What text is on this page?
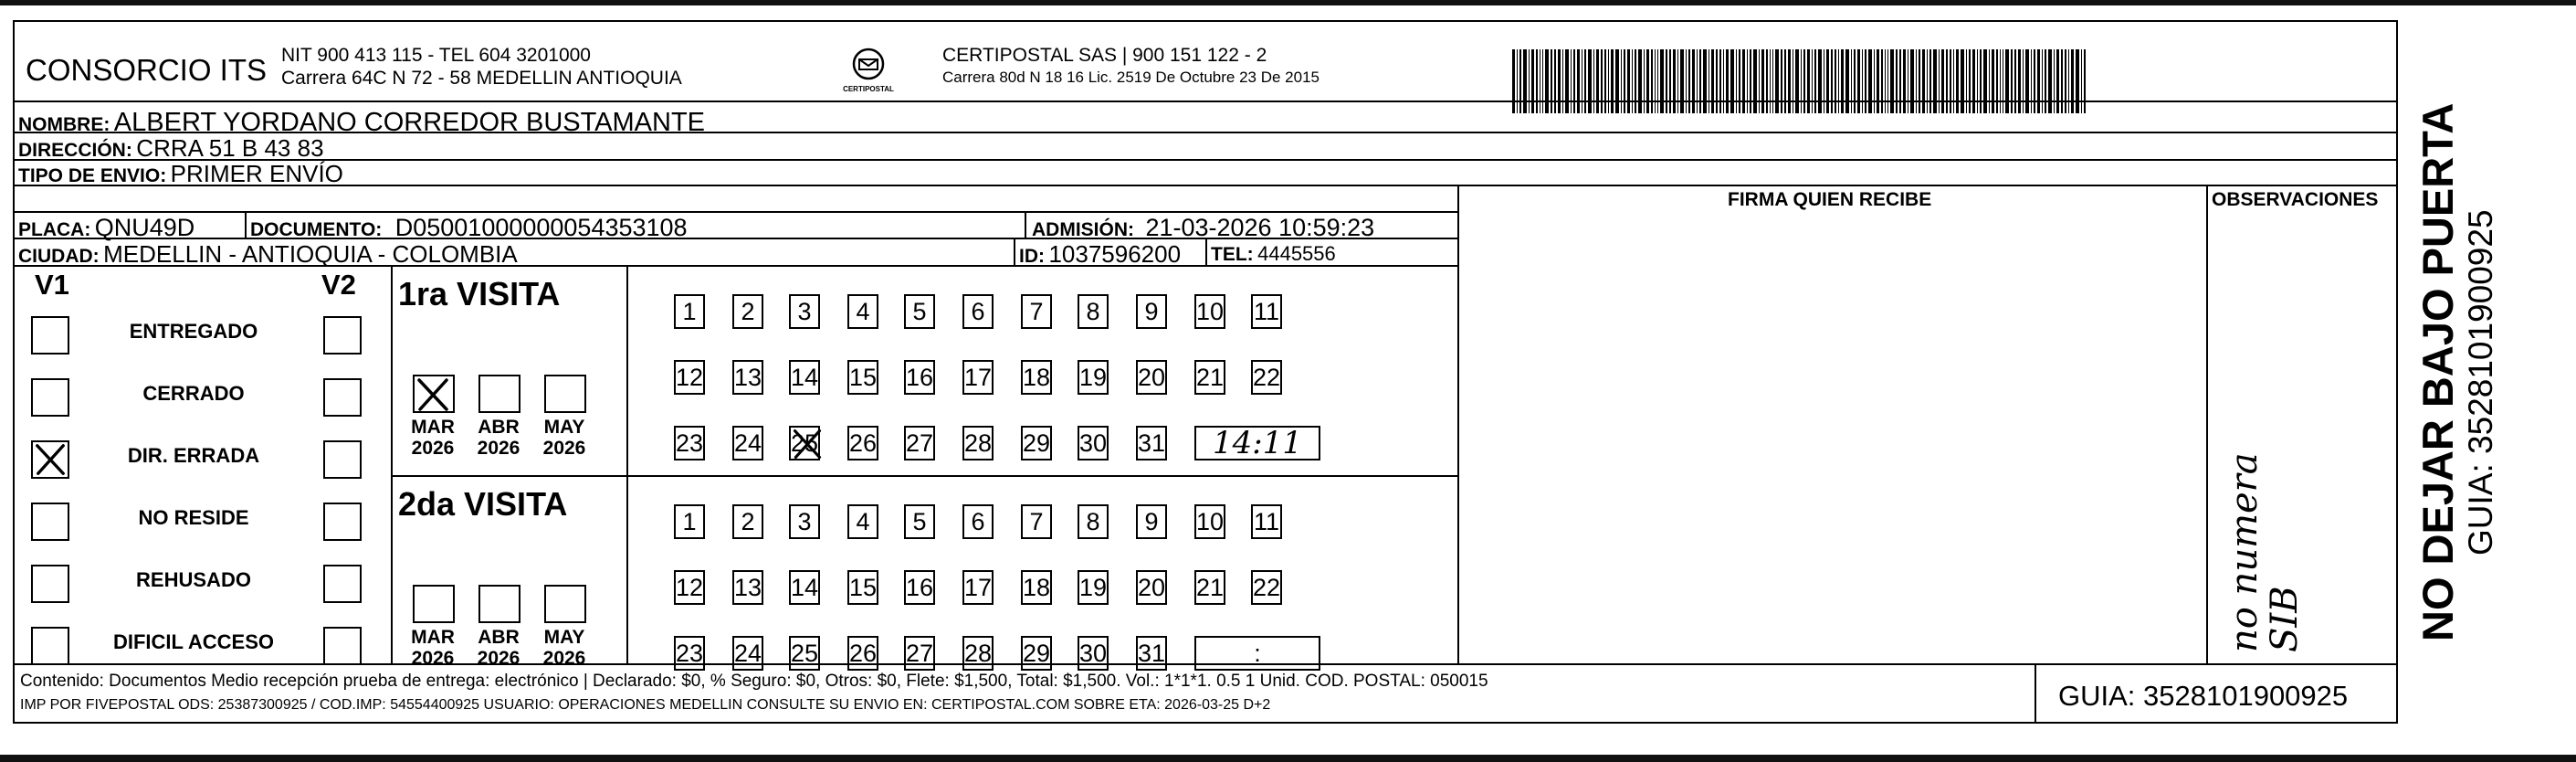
CONSORCIO ITS NIT 900 413 115 - TEL 604 3201000
Carrera 64C N 72 - 58 MEDELLIN ANTIOQUIA
CERTIPOSTAL
CERTIPOSTAL SAS | 900 151 122 - 2
Carrera 80d N 18 16 Lic. 2519 De Octubre 23 De 2015
NOMBRE: ALBERT YORDANO CORREDOR BUSTAMANTE
DIRECCIÓN: CRRA 51 B 43 83
TIPO DE ENVIO: PRIMER ENVÍO
FIRMA QUIEN RECIBE	OBSERVACIONES
PLACA: QNU49D	DOCUMENTO: D05001000000054353108	ADMISIÓN: 21-03-2026 10:59:23
CIUDAD: MEDELLIN - ANTIOQUIA - COLOMBIA	ID: 1037596200 TEL: 4445556
V1	V2
ENTREGADO
CERRADO
DIR. ERRADA
NO RESIDE
REHUSADO
DIFICIL ACCESO
1ra VISITA
MAR
2026
ABR
2026
MAY
2026
1	2	3	4	5	6	7	8	9	10 11
12 13 14 15 16 17 18 19 20 21 22
23 24 25 26 27 28 29 30 31	14:11
2da VISITA
MAR
2026
ABR
2026
MAY
2026
1	2	3	4	5	6	7	8	9	10 11
12 13 14 15 16 17 18 19 20 21 22
23 24 25 26 27 28 29 30 31	:
no numera
SIB
Contenido: Documentos Medio recepción prueba de entrega: electrónico | Declarado: $0, % Seguro: $0, Otros: $0, Flete: $1,500, Total: $1,500. Vol.: 1*1*1. 0.5 1 Unid. COD. POSTAL: 050015
IMP POR FIVEPOSTAL ODS: 25387300925 / COD.IMP: 54554400925 USUARIO: OPERACIONES MEDELLIN CONSULTE SU ENVIO EN: CERTIPOSTAL.COM SOBRE ETA: 2026-03-25 D+2	GUIA: 3528101900925
NO DEJAR BAJO PUERTA GUIA: 3528101900925
